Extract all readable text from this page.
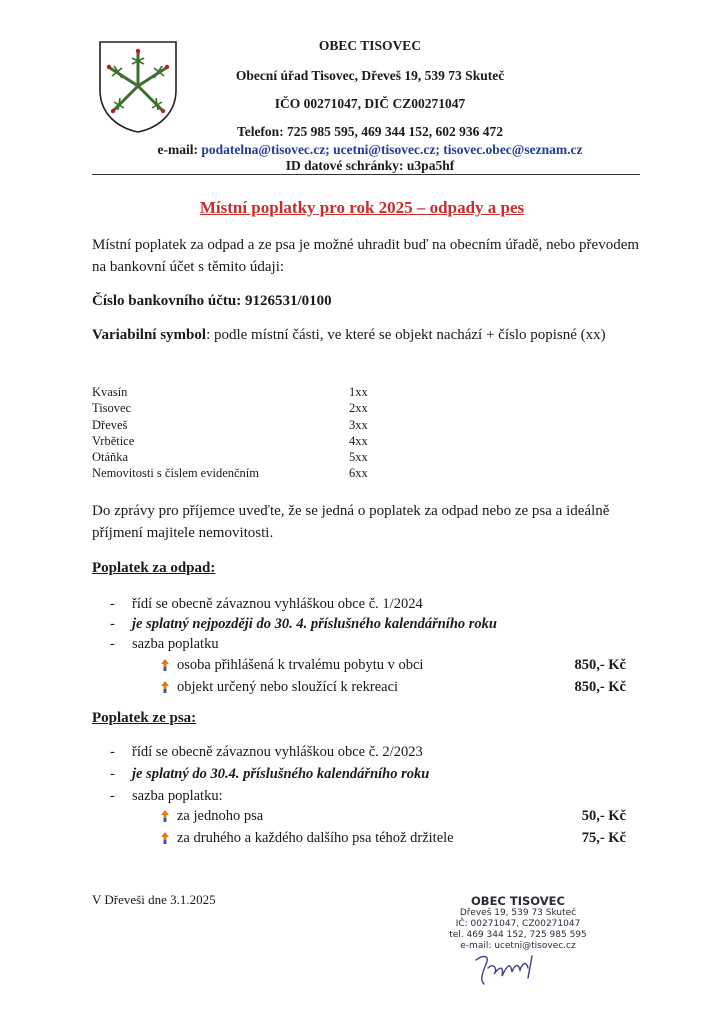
OBEC TISOVEC
Obecní úřad Tisovec, Dřeveš 19, 539 73 Skuteč
IČO 00271047, DIČ CZ00271047
Telefon: 725 985 595, 469 344 152, 602 936 472
e-mail: podatelna@tisovec.cz; ucetni@tisovec.cz; tisovec.obec@seznam.cz
ID datové schránky: u3pa5hf
Místní poplatky pro rok 2025 – odpady a pes
Místní poplatek za odpad a ze psa je možné uhradit buď na obecním úřadě, nebo převodem na bankovní účet s těmito údaji:
Číslo bankovního účtu: 9126531/0100
Variabilní symbol: podle místní části, ve které se objekt nachází + číslo popisné (xx)
Kvasín	1xx
Tisovec	2xx
Dřeveš	3xx
Vrbětice	4xx
Otáňka	5xx
Nemovitosti s číslem evidenčním	6xx
Do zprávy pro příjemce uveďte, že se jedná o poplatek za odpad nebo ze psa a ideálně příjmení majitele nemovitosti.
Poplatek za odpad:
-	řídí se obecně závaznou vyhláškou obce č. 1/2024
-	je splatný nejpozději do 30. 4. příslušného kalendářního roku
-	sazba poplatku
osoba přihlášená k trvalému pobytu v obci	850,- Kč
objekt určený nebo sloužící k rekreaci	850,- Kč
Poplatek ze psa:
-	řídí se obecně závaznou vyhláškou obce č. 2/2023
-	je splatný do 30.4. příslušného kalendářního roku
-	sazba poplatku:
za jednoho psa	50,- Kč
za druhého a každého dalšího psa téhož držitele	75,- Kč
V Dřeveši dne 3.1.2025	OBEC TISOVEC
Dřeveš 19, 539 73 Skuteč
IČ: 00271047, CZ00271047
tel. 469 344 152, 725 985 595
e-mail: ucetni@tisovec.cz
